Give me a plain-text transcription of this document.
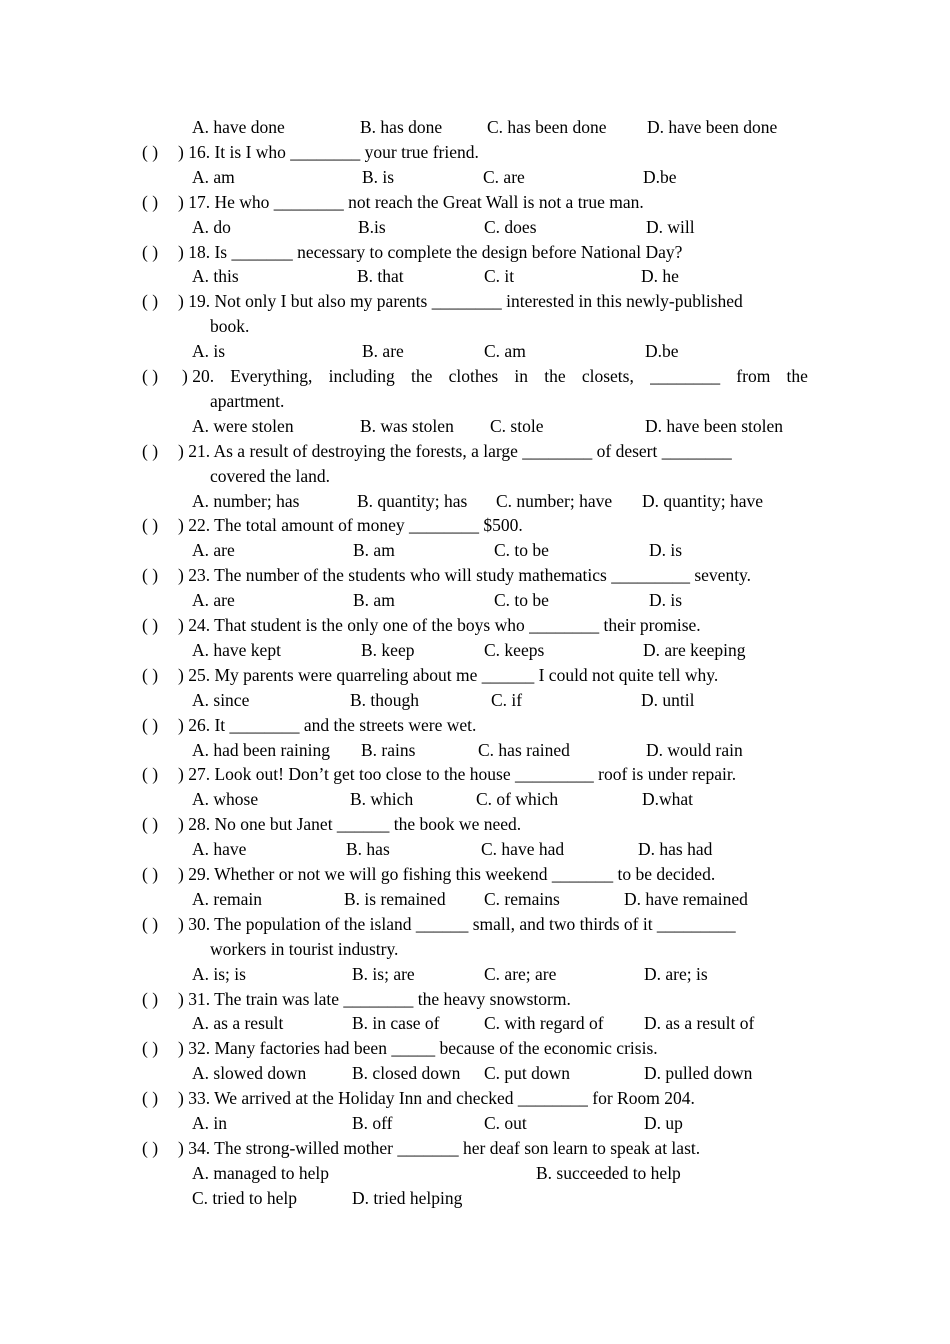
A. have done	B. has done	C. has been done D. have been done
( ) ) 16. It is I who ________ your true friend.
A. am	B. is	C. are	D.be
( ) ) 17. He who ________ not reach the Great Wall is not a true man.
A. do	B.is	C. does	D. will
( ) ) 18. Is _______ necessary to complete the design before National Day?
A. this	B. that	C. it	D. he
( ) ) 19. Not only I but also my parents ________ interested in this newly-published
book.
A. is	B. are	C. am	D.be
( ) ) 20. Everything, including the clothes in the closets, ________ from the
apartment.
A. were stolen	B. was stolen C. stole	D. have been stolen
( ) ) 21. As a result of destroying the forests, a large ________ of desert ________
covered the land.
A. number; has	B. quantity; has C. number; have D. quantity; have
( ) ) 22. The total amount of money ________ $500.
A. are	B. am	C. to be	D. is
( ) ) 23. The number of the students who will study mathematics _________ seventy.
A. are	B. am	C. to be	D. is
( ) ) 24. That student is the only one of the boys who ________ their promise.
A. have kept	B. keep	C. keeps	D. are keeping
( ) ) 25. My parents were quarreling about me ______ I could not quite tell why.
A. since	B. though	C. if	D. until
( ) ) 26. It ________ and the streets were wet.
A. had been raining B. rains	C. has rained	D. would rain
( ) ) 27. Look out! Don’t get too close to the house _________ roof is under repair.
A. whose	B. which	C. of which	D.what
( ) ) 28. No one but Janet ______ the book we need.
A. have	B. has	C. have had	D. has had
( ) ) 29. Whether or not we will go fishing this weekend _______ to be decided.
A. remain	B. is remained C. remains	D. have remained
( ) ) 30. The population of the island ______ small, and two thirds of it _________
workers in tourist industry.
A. is; is	B. is; are	C. are; are	D. are; is
( ) ) 31. The train was late ________ the heavy snowstorm.
A. as a result	B. in case of	C. with regard of D. as a result of
( ) ) 32. Many factories had been _____ because of the economic crisis.
A. slowed down	B. closed down C. put down	D. pulled down
( ) ) 33. We arrived at the Holiday Inn and checked ________ for Room 204.
A. in	B. off	C. out	D. up
( ) ) 34. The strong-willed mother _______ her deaf son learn to speak at last.
A. managed to help	B. succeeded to help
C. tried to help	D. tried helping
